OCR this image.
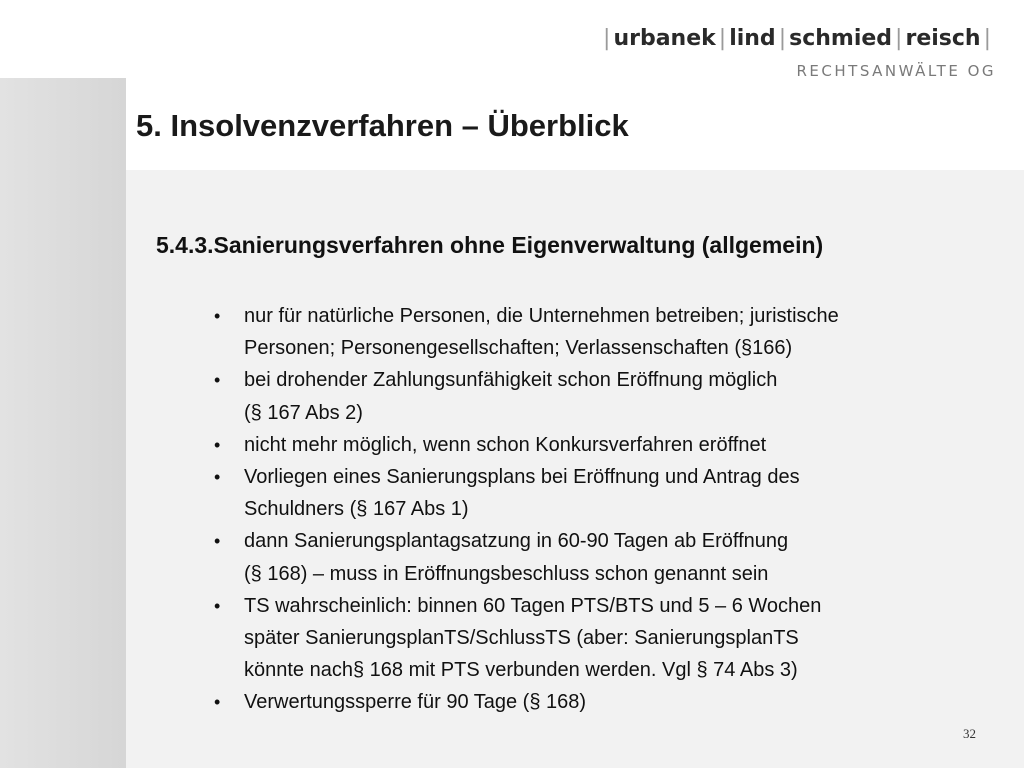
| urbanek | lind | schmied | reisch |
RECHTSANWÄLTE OG
5. Insolvenzverfahren – Überblick
5.4.3.Sanierungsverfahren ohne Eigenverwaltung (allgemein)
• nur für natürliche Personen, die Unternehmen betreiben; juristische
Personen; Personengesellschaften; Verlassenschaften (§166)
• bei drohender Zahlungsunfähigkeit schon Eröffnung möglich
(§ 167 Abs 2)
• nicht mehr möglich, wenn schon Konkursverfahren eröffnet
• Vorliegen eines Sanierungsplans bei Eröffnung und Antrag des
Schuldners (§ 167 Abs 1)
• dann Sanierungsplantagsatzung in 60-90 Tagen ab Eröffnung
(§ 168) – muss in Eröffnungsbeschluss schon genannt sein
• TS wahrscheinlich: binnen 60 Tagen PTS/BTS und 5 – 6 Wochen
später SanierungsplanTS/SchlussTS (aber: SanierungsplanTS
könnte nach§ 168 mit PTS verbunden werden. Vgl § 74 Abs 3)
• Verwertungssperre für 90 Tage (§ 168)
32
